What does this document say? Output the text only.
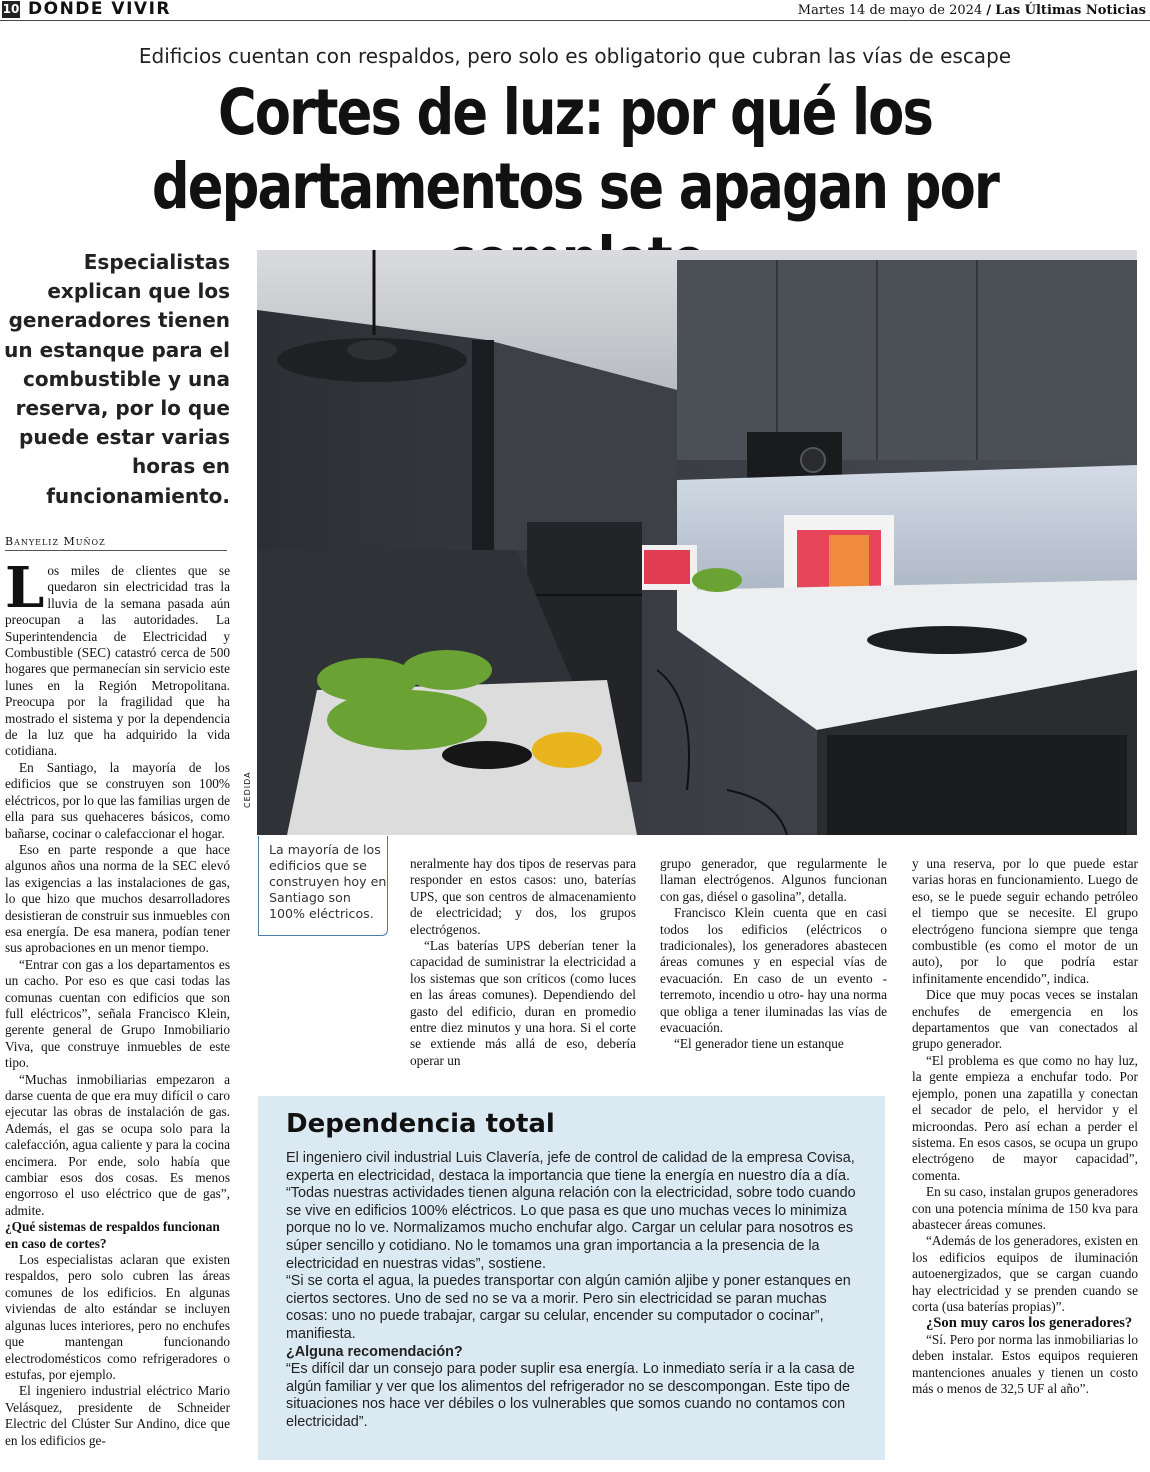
10 DÓNDE VIVIR	Martes 14 de mayo de 2024 / Las Últimas Noticias
Edificios cuentan con respaldos, pero solo es obligatorio que cubran las vías de escape
Cortes de luz: por qué los
departamentos se apagan por
Especialistas explican que los generadores tienen un estanque para el combustible y una reserva, por lo que puede estar varias horas en funcionamiento.
CEDIDA
La mayoría de los edificios que se construyen hoy en Santiago son 100% eléctricos.
Banyeliz Muñoz

Los miles de clientes que se quedaron sin electricidad tras la lluvia de la semana pasada aún preocupan a las autoridades. La Superintendencia de Electricidad y Combustible (SEC) catastró cerca de 500 hogares que permanecían sin servicio este lunes en la Región Metropolitana. Preocupa por la fragilidad que ha mostrado el sistema y por la dependencia de la luz que ha adquirido la vida cotidiana.

En Santiago, la mayoría de los edificios que se construyen son 100% eléctricos, por lo que las familias urgen de ella para sus quehaceres básicos, como bañarse, cocinar o calefaccionar el hogar.

Eso en parte responde a que hace algunos años una norma de la SEC elevó las exigencias a las instalaciones de gas, lo que hizo que muchos desarrolladores desistieran de construir sus inmuebles con esa energía. De esa manera, podían tener sus aprobaciones en un menor tiempo.

“Entrar con gas a los departamentos es un cacho. Por eso es que casi todas las comunas cuentan con edificios que son full eléctricos”, señala Francisco Klein, gerente general de Grupo Inmobiliario Viva, que construye inmuebles de este tipo.

“Muchas inmobiliarias empezaron a darse cuenta de que era muy difícil o caro ejecutar las obras de instalación de gas. Además, el gas se ocupa solo para la calefacción, agua caliente y para la cocina encimera. Por ende, solo había que cambiar esos dos cosas. Es menos engorroso el uso eléctrico que de gas”, admite.

¿Qué sistemas de respaldos funcionan en caso de cortes?

Los especialistas aclaran que existen respaldos, pero solo cubren las áreas comunes de los edificios. En algunas viviendas de alto estándar se incluyen algunas luces interiores, pero no enchufes que mantengan funcionando electrodomésticos como refrigeradores o estufas, por ejemplo.

El ingeniero industrial eléctrico Mario Velásquez, presidente de Schneider Electric del Clúster Sur Andino, dice que en los edificios ge-

neralmente hay dos tipos de reservas para responder en estos casos: uno, baterías UPS, que son centros de almacenamiento de electricidad; y dos, los grupos electrógenos.

“Las baterías UPS deberían tener la capacidad de suministrar la electricidad a los sistemas que son críticos (como luces en las áreas comunes). Dependiendo del gasto del edificio, duran en promedio entre diez minutos y una hora. Si el corte se extiende más allá de eso, debería operar un

grupo generador, que regularmente le llaman electrógenos. Algunos funcionan con gas, diésel o gasolina”, detalla.

Francisco Klein cuenta que en casi todos los edificios (eléctricos o tradicionales), los generadores abastecen áreas comunes y en especial vías de evacuación. En caso de un evento -terremoto, incendio u otro- hay una norma que obliga a tener iluminadas las vías de evacuación.

“El generador tiene un estanque

y una reserva, por lo que puede estar varias horas en funcionamiento. Luego de eso, se le puede seguir echando petróleo el tiempo que se necesite. El grupo electrógeno funciona siempre que tenga combustible (es como el motor de un auto), por lo que podría estar infinitamente encendido”, indica.

Dice que muy pocas veces se instalan enchufes de emergencia en los departamentos que van conectados al grupo generador.

“El problema es que como no hay luz, la gente empieza a enchufar todo. Por ejemplo, ponen una zapatilla y conectan el secador de pelo, el hervidor y el microondas. Pero así echan a perder el sistema. En esos casos, se ocupa un grupo electrógeno de mayor capacidad”, comenta.

En su caso, instalan grupos generadores con una potencia mínima de 150 kva para abastecer áreas comunes.

“Además de los generadores, existen en los edificios equipos de iluminación autoenergizados, que se cargan cuando hay electricidad y se prenden cuando se corta (usa baterías propias)”.

¿Son muy caros los generadores?

“Sí. Pero por norma las inmobiliarias lo deben instalar. Estos equipos requieren mantenciones anuales y tienen un costo más o menos de 32,5 UF al año”.

Dependencia total

El ingeniero civil industrial Luis Clavería, jefe de control de calidad de la empresa Covisa, experta en electricidad, destaca la importancia que tiene la energía en nuestro día a día.

“Todas nuestras actividades tienen alguna relación con la electricidad, sobre todo cuando se vive en edificios 100% eléctricos. Lo que pasa es que uno muchas veces lo minimiza porque no lo ve. Normalizamos mucho enchufar algo. Cargar un celular para nosotros es súper sencillo y cotidiano. No le tomamos una gran importancia a la presencia de la electricidad en nuestras vidas”, sostiene.

“Si se corta el agua, la puedes transportar con algún camión aljibe y poner estanques en ciertos sectores. Uno de sed no se va a morir. Pero sin electricidad se paran muchas cosas: uno no puede trabajar, cargar su celular, encender su computador o cocinar”, manifiesta.

¿Alguna recomendación?

“Es difícil dar un consejo para poder suplir esa energía. Lo inmediato sería ir a la casa de algún familiar y ver que los alimentos del refrigerador no se descompongan. Este tipo de situaciones nos hace ver débiles o los vulnerables que somos cuando no contamos con electricidad”.
